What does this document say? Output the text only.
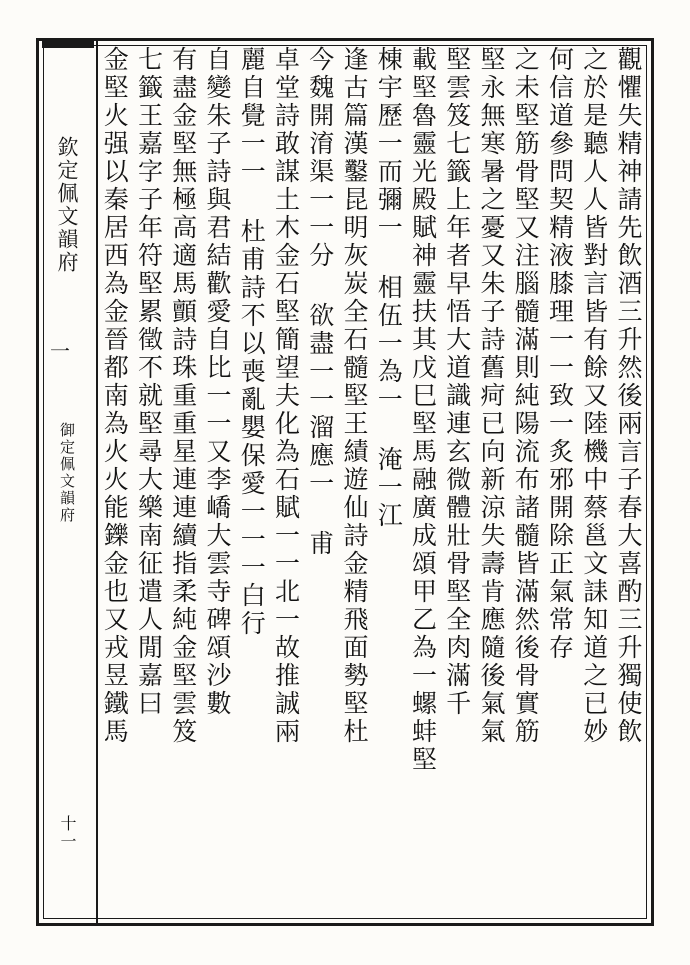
欽定佩文韻府
一
御定佩文韻府
十一
觀懼失精神請先飲酒三升然後兩言子春大喜酌三升獨使飲
之於是聽人人皆對言皆有餘又陸機中蔡邕文誄知道之已妙
何信道參問契精液膝理一一致一炙邪開除正氣常存
之未堅筋骨堅又注腦髓滿則純陽流布諸髓皆滿然後骨實筋
堅永無寒暑之憂又朱子詩舊疴已向新涼失壽肯應隨後氣氣
堅雲笈七籤上年者早悟大道識連玄微體壯骨堅全肉滿千
載堅魯靈光殿賦神靈扶其戊巳堅馬融廣成頌甲乙為一螺蚌堅
棟宇歷一而彌一 相伍一為一 淹一江
逢古篇漢鑿昆明灰炭全石髓堅王績遊仙詩金精飛面勢堅杜
今魏開淯渠一一分 欲盡一一溜應一 甫
卓堂詩敢謀土木金石堅簡望夫化為石賦一一北一故推誠兩
麗自覺一一 杜甫詩不以喪亂嬰保愛一一一白行
自變朱子詩與君結歡愛自比一一又李嶠大雲寺碑頌沙數
有盡金堅無極高適馬顫詩珠重重星連連續指柔純金堅雲笈
七籤王嘉字子年符堅累徵不就堅尋大樂南征遣人閒嘉曰
金堅火强以秦居西為金晉都南為火火能鑠金也又戎昱鐵馬
